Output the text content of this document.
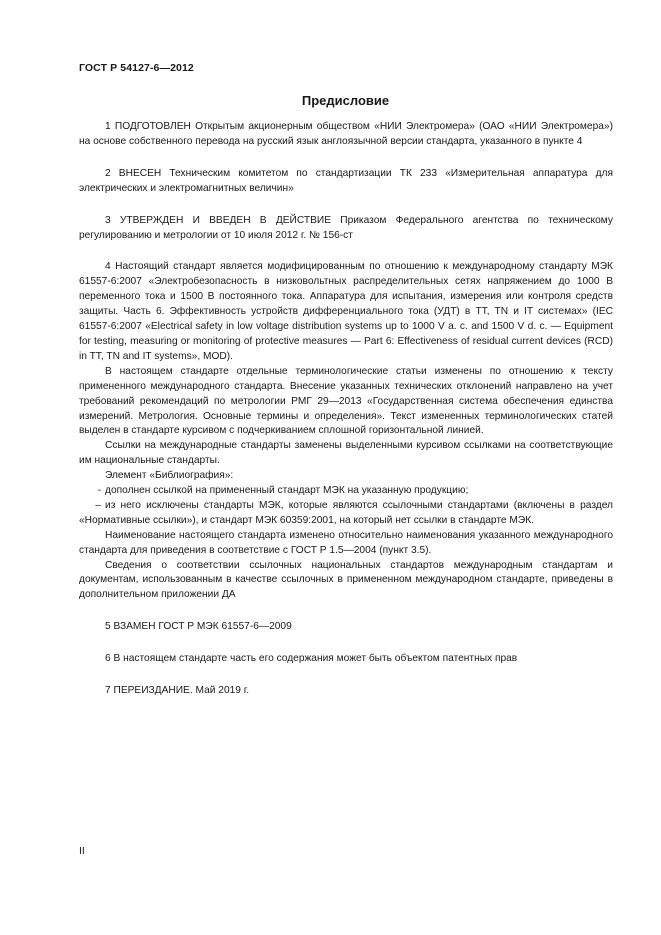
ГОСТ Р 54127-6—2012
Предисловие

1 ПОДГОТОВЛЕН Открытым акционерным обществом «НИИ Электромера» (ОАО «НИИ Электромера») на основе собственного перевода на русский язык англоязычной версии стандарта, указанного в пункте 4

2 ВНЕСЕН Техническим комитетом по стандартизации ТК 233 «Измерительная аппаратура для электрических и электромагнитных величин»

3 УТВЕРЖДЕН И ВВЕДЕН В ДЕЙСТВИЕ Приказом Федерального агентства по техническому регулированию и метрологии от 10 июля 2012 г. № 156-ст

4 Настоящий стандарт является модифицированным по отношению к международному стандарту МЭК 61557-6:2007 «Электробезопасность в низковольтных распределительных сетях напряжением до 1000 В переменного тока и 1500 В постоянного тока. Аппаратура для испытания, измерения или контроля средств защиты. Часть 6. Эффективность устройств дифференциального тока (УДТ) в TT, TN и IT системах» (IEC 61557-6:2007 «Electrical safety in low voltage distribution systems up to 1000 V a. c. and 1500 V d. c. — Equipment for testing, measuring or monitoring of protective measures — Part 6: Effectiveness of residual current devices (RCD) in TT, TN and IT systems», MOD).

В настоящем стандарте отдельные терминологические статьи изменены по отношению к тексту примененного международного стандарта. Внесение указанных технических отклонений направлено на учет требований рекомендаций по метрологии РМГ 29—2013 «Государственная система обеспечения единства измерений. Метрология. Основные термины и определения». Текст измененных терминологических статей выделен в стандарте курсивом с подчеркиванием сплошной горизонтальной линией.

Ссылки на международные стандарты заменены выделенными курсивом ссылками на соответствующие им национальные стандарты.

Элемент «Библиография»:

- дополнен ссылкой на примененный стандарт МЭК на указанную продукцию;

– из него исключены стандарты МЭК, которые являются ссылочными стандартами (включены в раздел «Нормативные ссылки»), и стандарт МЭК 60359:2001, на который нет ссылки в стандарте МЭК.

Наименование настоящего стандарта изменено относительно наименования указанного международного стандарта для приведения в соответствие с ГОСТ Р 1.5—2004 (пункт 3.5).

Сведения о соответствии ссылочных национальных стандартов международным стандартам и документам, использованным в качестве ссылочных в примененном международном стандарте, приведены в дополнительном приложении ДА

5 ВЗАМЕН ГОСТ Р МЭК 61557-6—2009

6 В настоящем стандарте часть его содержания может быть объектом патентных прав

7 ПЕРЕИЗДАНИЕ. Май 2019 г.

II
